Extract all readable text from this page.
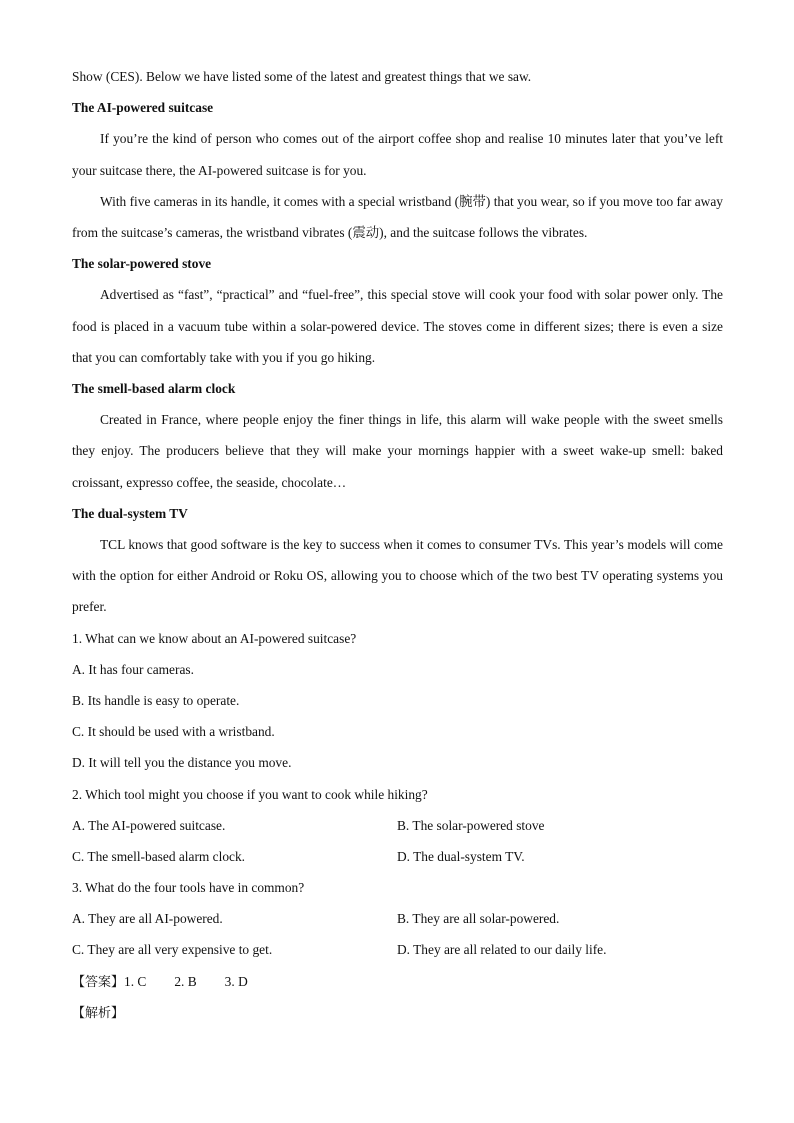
Show (CES). Below we have listed some of the latest and greatest things that we saw.
The AI-powered suitcase

If you’re the kind of person who comes out of the airport coffee shop and realise 10 minutes later that you’ve left your suitcase there, the AI-powered suitcase is for you.

With five cameras in its handle, it comes with a special wristband (腕带) that you wear, so if you move too far away from the suitcase’s cameras, the wristband vibrates (震动), and the suitcase follows the vibrates.

The solar-powered stove

Advertised as “fast”, “practical” and “fuel-free”, this special stove will cook your food with solar power only. The food is placed in a vacuum tube within a solar-powered device. The stoves come in different sizes; there is even a size that you can comfortably take with you if you go hiking.

The smell-based alarm clock

Created in France, where people enjoy the finer things in life, this alarm will wake people with the sweet smells they enjoy. The producers believe that they will make your mornings happier with a sweet wake-up smell: baked croissant, expresso coffee, the seaside, chocolate…

The dual-system TV

TCL knows that good software is the key to success when it comes to consumer TVs. This year’s models will come with the option for either Android or Roku OS, allowing you to choose which of the two best TV operating systems you prefer.

1. What can we know about an AI-powered suitcase?
A. It has four cameras.
B. Its handle is easy to operate.
C. It should be used with a wristband.
D. It will tell you the distance you move.
2. Which tool might you choose if you want to cook while hiking?
A. The AI-powered suitcase.	B. The solar-powered stove
C. The smell-based alarm clock.	D. The dual-system TV.
3. What do the four tools have in common?
A. They are all AI-powered.	B. They are all solar-powered.
C. They are all very expensive to get.	D. They are all related to our daily life.
【答案】1. C 2. B 3. D
【解析】
